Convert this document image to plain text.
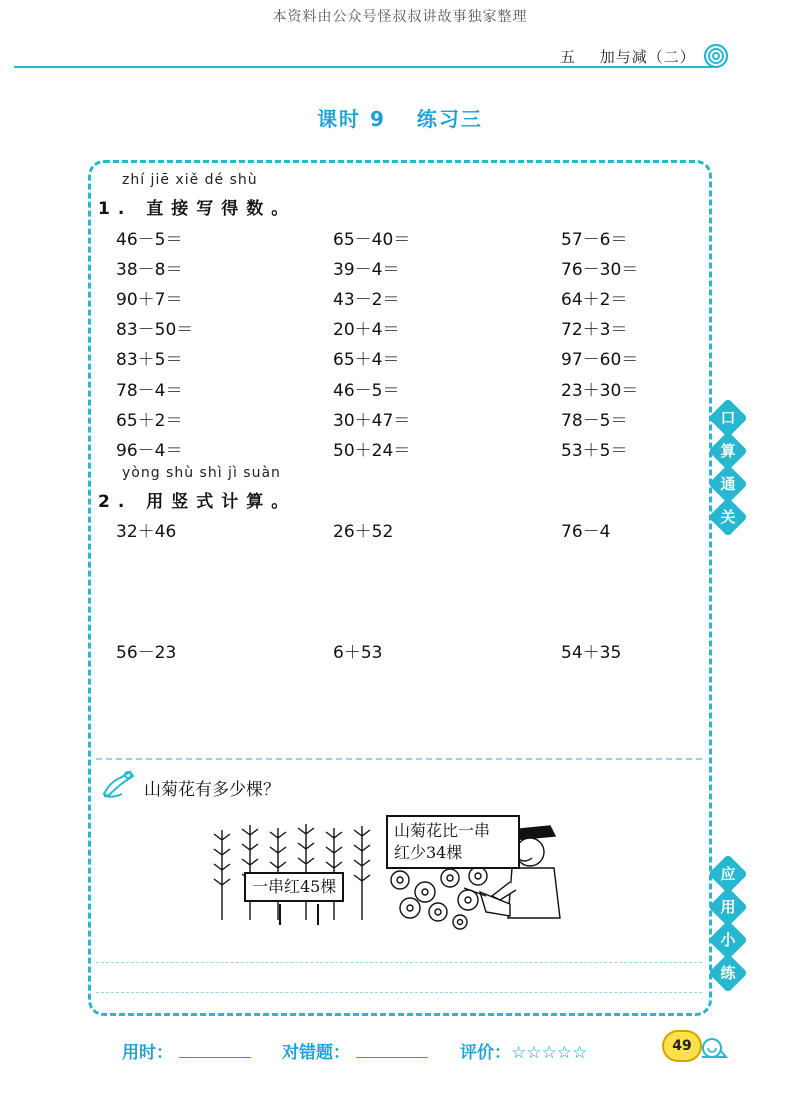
本资料由公众号怪叔叔讲故事独家整理
五 加与减（二）
课时 9 练习三
zhí jiē xiě dé shù
1. 直接写得数。
46－5＝	65－40＝	57－6＝
38－8＝	39－4＝	76－30＝
90＋7＝	43－2＝	64＋2＝
83－50＝	20＋4＝	72＋3＝
83＋5＝	65＋4＝	97－60＝
78－4＝	46－5＝	23＋30＝
65＋2＝	30＋47＝	78－5＝
96－4＝	50＋24＝	53＋5＝
yòng shù shì jì suàn
2. 用竖式计算。
32＋46	26＋52	76－4
56－23	6＋53	54＋35
山菊花有多少棵？
一串红45棵
山菊花比一串
红少34棵
口
算
通
关
应
用
小
练
用时：	对错题：	评价：☆☆☆☆☆	49
